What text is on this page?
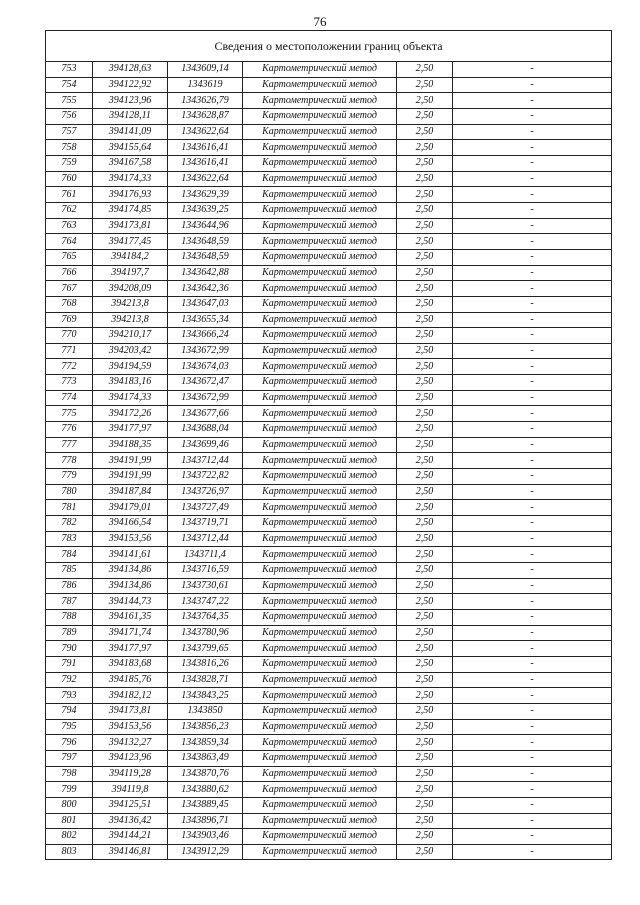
76
Сведения о местоположении границ объекта					
753	394128,63	1343609,14	Картометрический метод	2,50	-
754	394122,92	1343619	Картометрический метод	2,50	-
755	394123,96	1343626,79	Картометрический метод	2,50	-
756	394128,11	1343628,87	Картометрический метод	2,50	-
757	394141,09	1343622,64	Картометрический метод	2,50	-
758	394155,64	1343616,41	Картометрический метод	2,50	-
759	394167,58	1343616,41	Картометрический метод	2,50	-
760	394174,33	1343622,64	Картометрический метод	2,50	-
761	394176,93	1343629,39	Картометрический метод	2,50	-
762	394174,85	1343639,25	Картометрический метод	2,50	-
763	394173,81	1343644,96	Картометрический метод	2,50	-
764	394177,45	1343648,59	Картометрический метод	2,50	-
765	394184,2	1343648,59	Картометрический метод	2,50	-
766	394197,7	1343642,88	Картометрический метод	2,50	-
767	394208,09	1343642,36	Картометрический метод	2,50	-
768	394213,8	1343647,03	Картометрический метод	2,50	-
769	394213,8	1343655,34	Картометрический метод	2,50	-
770	394210,17	1343666,24	Картометрический метод	2,50	-
771	394203,42	1343672,99	Картометрический метод	2,50	-
772	394194,59	1343674,03	Картометрический метод	2,50	-
773	394183,16	1343672,47	Картометрический метод	2,50	-
774	394174,33	1343672,99	Картометрический метод	2,50	-
775	394172,26	1343677,66	Картометрический метод	2,50	-
776	394177,97	1343688,04	Картометрический метод	2,50	-
777	394188,35	1343699,46	Картометрический метод	2,50	-
778	394191,99	1343712,44	Картометрический метод	2,50	-
779	394191,99	1343722,82	Картометрический метод	2,50	-
780	394187,84	1343726,97	Картометрический метод	2,50	-
781	394179,01	1343727,49	Картометрический метод	2,50	-
782	394166,54	1343719,71	Картометрический метод	2,50	-
783	394153,56	1343712,44	Картометрический метод	2,50	-
784	394141,61	1343711,4	Картометрический метод	2,50	-
785	394134,86	1343716,59	Картометрический метод	2,50	-
786	394134,86	1343730,61	Картометрический метод	2,50	-
787	394144,73	1343747,22	Картометрический метод	2,50	-
788	394161,35	1343764,35	Картометрический метод	2,50	-
789	394171,74	1343780,96	Картометрический метод	2,50	-
790	394177,97	1343799,65	Картометрический метод	2,50	-
791	394183,68	1343816,26	Картометрический метод	2,50	-
792	394185,76	1343828,71	Картометрический метод	2,50	-
793	394182,12	1343843,25	Картометрический метод	2,50	-
794	394173,81	1343850	Картометрический метод	2,50	-
795	394153,56	1343856,23	Картометрический метод	2,50	-
796	394132,27	1343859,34	Картометрический метод	2,50	-
797	394123,96	1343863,49	Картометрический метод	2,50	-
798	394119,28	1343870,76	Картометрический метод	2,50	-
799	394119,8	1343880,62	Картометрический метод	2,50	-
800	394125,51	1343889,45	Картометрический метод	2,50	-
801	394136,42	1343896,71	Картометрический метод	2,50	-
802	394144,21	1343903,46	Картометрический метод	2,50	-
803	394146,81	1343912,29	Картометрический метод	2,50	-
